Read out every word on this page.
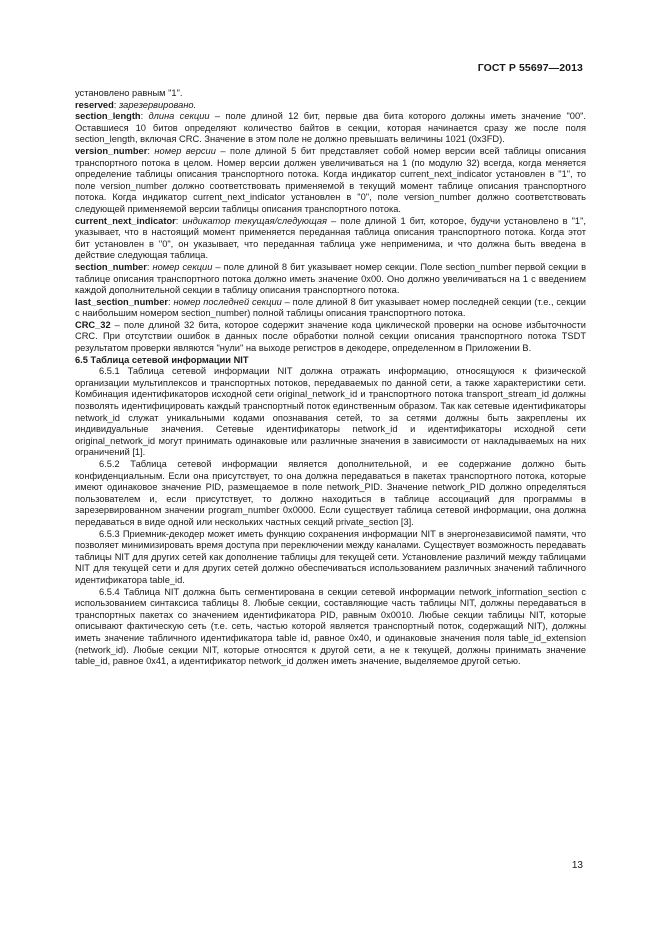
ГОСТ Р 55697—2013

установлено равным "1".

reserved: зарезервировано.

section_length: длина секции – поле длиной 12 бит, первые два бита которого должны иметь значение "00". Оставшиеся 10 битов определяют количество байтов в секции, которая начинается сразу же после поля section_length, включая CRC. Значение в этом поле не должно превышать величины 1021 (0x3FD).

version_number: номер версии – поле длиной 5 бит представляет собой номер версии всей таблицы описания транспортного потока в целом. Номер версии должен увеличиваться на 1 (по модулю 32) всегда, когда меняется определение таблицы описания транспортного потока. Когда индикатор current_next_indicator установлен в "1", то поле version_number должно соответствовать применяемой в текущий момент таблице описания транспортного потока. Когда индикатор current_next_indicator установлен в "0", поле version_number должно соответствовать следующей применяемой версии таблицы описания транспортного потока.

current_next_indicator: индикатор текущая/следующая – поле длиной 1 бит, которое, будучи установлено в "1", указывает, что в настоящий момент применяется переданная таблица описания транспортного потока. Когда этот бит установлен в "0", он указывает, что переданная таблица уже неприменима, и что должна быть введена в действие следующая таблица.

section_number: номер секции – поле длиной 8 бит указывает номер секции. Поле section_number первой секции в таблице описания транспортного потока должно иметь значение 0x00. Оно должно увеличиваться на 1 с введением каждой дополнительной секции в таблицу описания транспортного потока.

last_section_number: номер последней секции – поле длиной 8 бит указывает номер последней секции (т.е., секции с наибольшим номером section_number) полной таблицы описания транспортного потока.

CRC_32 – поле длиной 32 бита, которое содержит значение кода циклической проверки на основе избыточности CRC. При отсутствии ошибок в данных после обработки полной секции описания транспортного потока TSDT результатом проверки являются "нули" на выходе регистров в декодере, определенном в Приложении B.

6.5 Таблица сетевой информации NIT

6.5.1 Таблица сетевой информации NIT должна отражать информацию, относящуюся к физической организации мультиплексов и транспортных потоков, передаваемых по данной сети, а также характеристики сети. Комбинация идентификаторов исходной сети original_network_id и транспортного потока transport_stream_id должны позволять идентифицировать каждый транспортный поток единственным образом. Так как сетевые идентификаторы network_id служат уникальными кодами опознавания сетей, то за сетями должны быть закреплены их индивидуальные значения. Сетевые идентификаторы network_id и идентификаторы исходной сети original_network_id могут принимать одинаковые или различные значения в зависимости от накладываемых на них ограничений [1].

6.5.2 Таблица сетевой информации является дополнительной, и ее содержание должно быть конфиденциальным. Если она присутствует, то она должна передаваться в пакетах транспортного потока, которые имеют одинаковое значение PID, размещаемое в поле network_PID. Значение network_PID должно определяться пользователем и, если присутствует, то должно находиться в таблице ассоциаций для программы в зарезервированном значении program_number 0x0000. Если существует таблица сетевой информации, она должна передаваться в виде одной или нескольких частных секций private_section [3].

6.5.3 Приемник-декодер может иметь функцию сохранения информации NIT в энергонезависимой памяти, что позволяет минимизировать время доступа при переключении между каналами. Существует возможность передавать таблицы NIT для других сетей как дополнение таблицы для текущей сети. Установление различий между таблицами NIT для текущей сети и для других сетей должно обеспечиваться использованием различных значений табличного идентификатора table_id.

6.5.4 Таблица NIT должна быть сегментирована в секции сетевой информации network_information_section с использованием синтаксиса таблицы 8. Любые секции, составляющие часть таблицы NIT, должны передаваться в транспортных пакетах со значением идентификатора PID, равным 0x0010. Любые секции таблицы NIT, которые описывают фактическую сеть (т.е. сеть, частью которой является транспортный поток, содержащий NIT), должны иметь значение табличного идентификатора table id, равное 0x40, и одинаковые значения поля table_id_extension (network_id). Любые секции NIT, которые относятся к другой сети, а не к текущей, должны принимать значение table_id, равное 0x41, а идентификатор network_id должен иметь значение, выделяемое другой сетью.

13
